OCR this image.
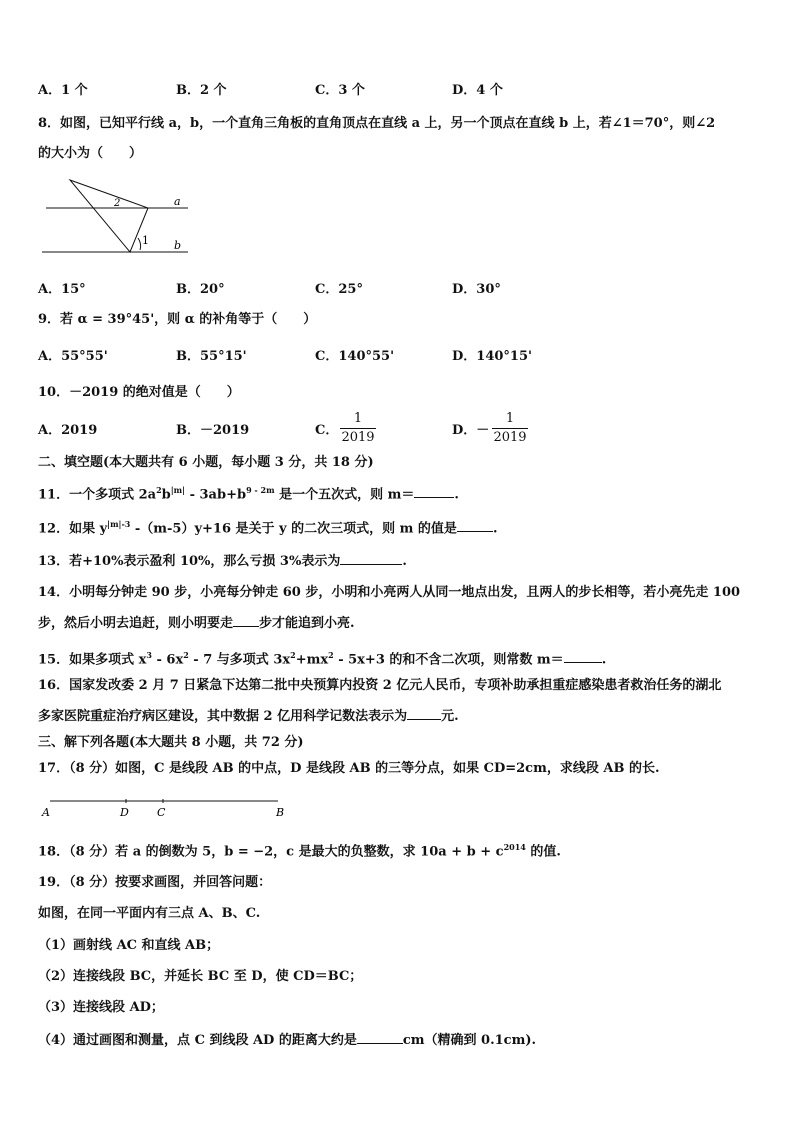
A．1 个	B．2 个	C．3 个	D．4 个
8．如图，已知平行线 a，b，一个直角三角板的直角顶点在直线 a 上，另一个顶点在直线 b 上，若∠1＝70°，则∠2
的大小为（　　）
a
b
1
2
A．15°	B．20°	C．25°	D．30°
9．若 α = 39°45'，则 α 的补角等于（　　）
A．55°55'	B．55°15'	C．140°55'	D．140°15'
10．－2019 的绝对值是（　　）
A．2019	B．－2019	C．
1
2019	D．－
1
2019
二、填空题(本大题共有 6 小题，每小题 3 分，共 18 分)
11．一个多项式 $2a^2b^{|m|} - 3ab+b^{9 - 2m}$ 是一个五次式，则 m＝	.
12．如果 $y^{|m|-3}$ -（m-5）y+16 是关于 y 的二次三项式，则 m 的值是	.
13．若+10%表示盈利 10%，那么亏损 3%表示为	.
14．小明每分钟走 90 步，小亮每分钟走 60 步，小明和小亮两人从同一地点出发，且两人的步长相等，若小亮先走 100
步，然后小明去追赶，则小明要走 步才能追到小亮.
15．如果多项式 $x^3 - 6x^2 - 7$ 与多项式 $3x^2+mx^2 - 5x+3$ 的和不含二次项，则常数 m＝	.
16．国家发改委 2 月 7 日紧急下达第二批中央预算内投资 2 亿元人民币，专项补助承担重症感染患者救治任务的湖北
多家医院重症治疗病区建设，其中数据 2 亿用科学记数法表示为	元.
三、解下列各题(本大题共 8 小题，共 72 分)
17．（8 分）如图，C 是线段 AB 的中点，D 是线段 AB 的三等分点，如果 CD=2cm，求线段 AB 的长.
A	D	C	B
18．（8 分）若 a 的倒数为 5，b = −2，c 是最大的负整数，求 $10a + b + c^{2014}$ 的值.
19．（8 分）按要求画图，并回答问题：
如图，在同一平面内有三点 A、B、C.
（1）画射线 AC 和直线 AB；
（2）连接线段 BC，并延长 BC 至 D，使 CD＝BC；
（3）连接线段 AD；
（4）通过画图和测量，点 C 到线段 AD 的距离大约是	cm（精确到 0.1cm).
